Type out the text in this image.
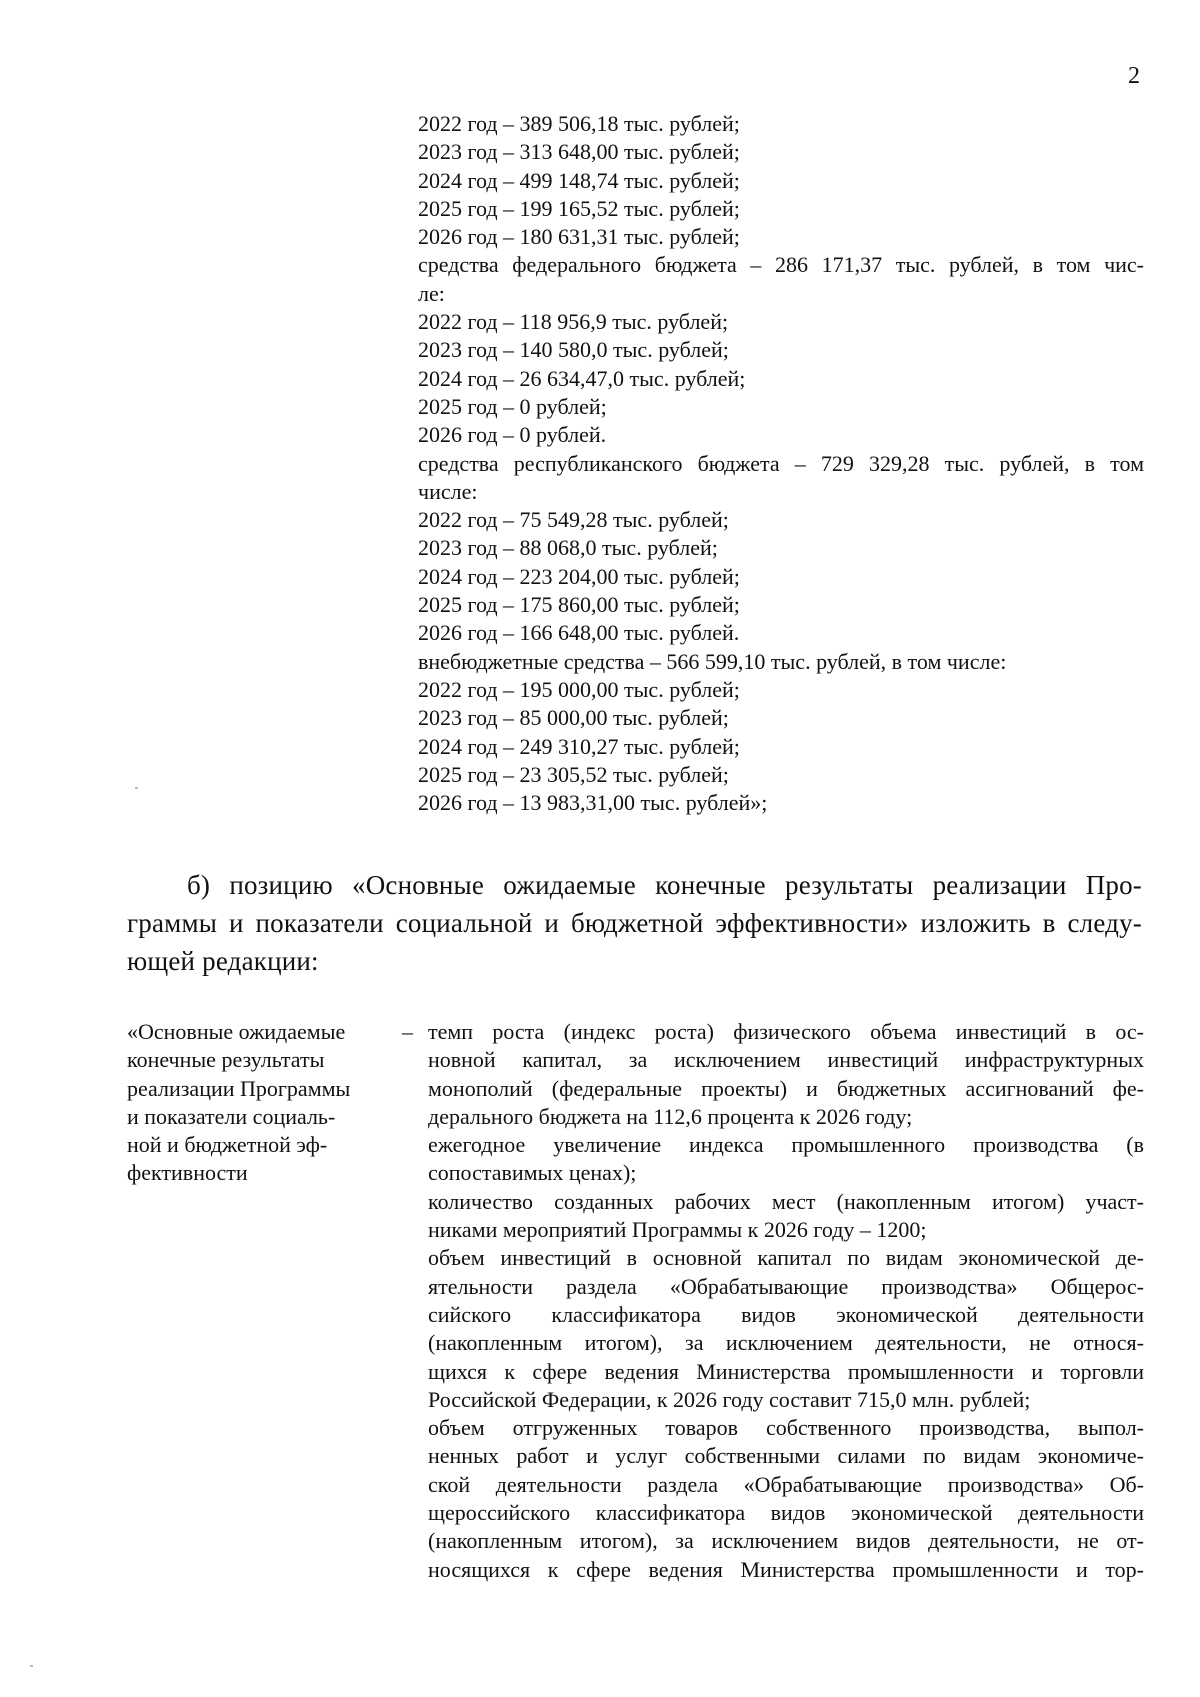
2
2022 год – 389 506,18 тыс. рублей;
2023 год – 313 648,00 тыс. рублей;
2024 год – 499 148,74 тыс. рублей;
2025 год – 199 165,52 тыс. рублей;
2026 год – 180 631,31 тыс. рублей;
средства федерального бюджета – 286 171,37 тыс. рублей, в том чис-
ле:
2022 год – 118 956,9 тыс. рублей;
2023 год – 140 580,0 тыс. рублей;
2024 год – 26 634,47,0 тыс. рублей;
2025 год – 0 рублей;
2026 год – 0 рублей.
средства республиканского бюджета – 729 329,28 тыс. рублей, в том
числе:
2022 год – 75 549,28 тыс. рублей;
2023 год – 88 068,0 тыс. рублей;
2024 год – 223 204,00 тыс. рублей;
2025 год – 175 860,00 тыс. рублей;
2026 год – 166 648,00 тыс. рублей.
внебюджетные средства – 566 599,10 тыс. рублей, в том числе:
2022 год – 195 000,00 тыс. рублей;
2023 год – 85 000,00 тыс. рублей;
2024 год – 249 310,27 тыс. рублей;
2025 год – 23 305,52 тыс. рублей;
2026 год – 13 983,31,00 тыс. рублей»;
б) позицию «Основные ожидаемые конечные результаты реализации Про-
граммы и показатели социальной и бюджетной эффективности» изложить в следу-
ющей редакции:
«Основные ожидаемые
конечные результаты
реализации Программы
и показатели социаль-
ной и бюджетной эф-
фективности
– темп роста (индекс роста) физического объема инвестиций в ос-
новной капитал, за исключением инвестиций инфраструктурных
монополий (федеральные проекты) и бюджетных ассигнований фе-
дерального бюджета на 112,6 процента к 2026 году;
ежегодное увеличение индекса промышленного производства (в
сопоставимых ценах);
количество созданных рабочих мест (накопленным итогом) участ-
никами мероприятий Программы к 2026 году – 1200;
объем инвестиций в основной капитал по видам экономической де-
ятельности раздела «Обрабатывающие производства» Общерос-
сийского классификатора видов экономической деятельности
(накопленным итогом), за исключением деятельности, не относя-
щихся к сфере ведения Министерства промышленности и торговли
Российской Федерации, к 2026 году составит 715,0 млн. рублей;
объем отгруженных товаров собственного производства, выпол-
ненных работ и услуг собственными силами по видам экономиче-
ской деятельности раздела «Обрабатывающие производства» Об-
щероссийского классификатора видов экономической деятельности
(накопленным итогом), за исключением видов деятельности, не от-
носящихся к сфере ведения Министерства промышленности и тор-
